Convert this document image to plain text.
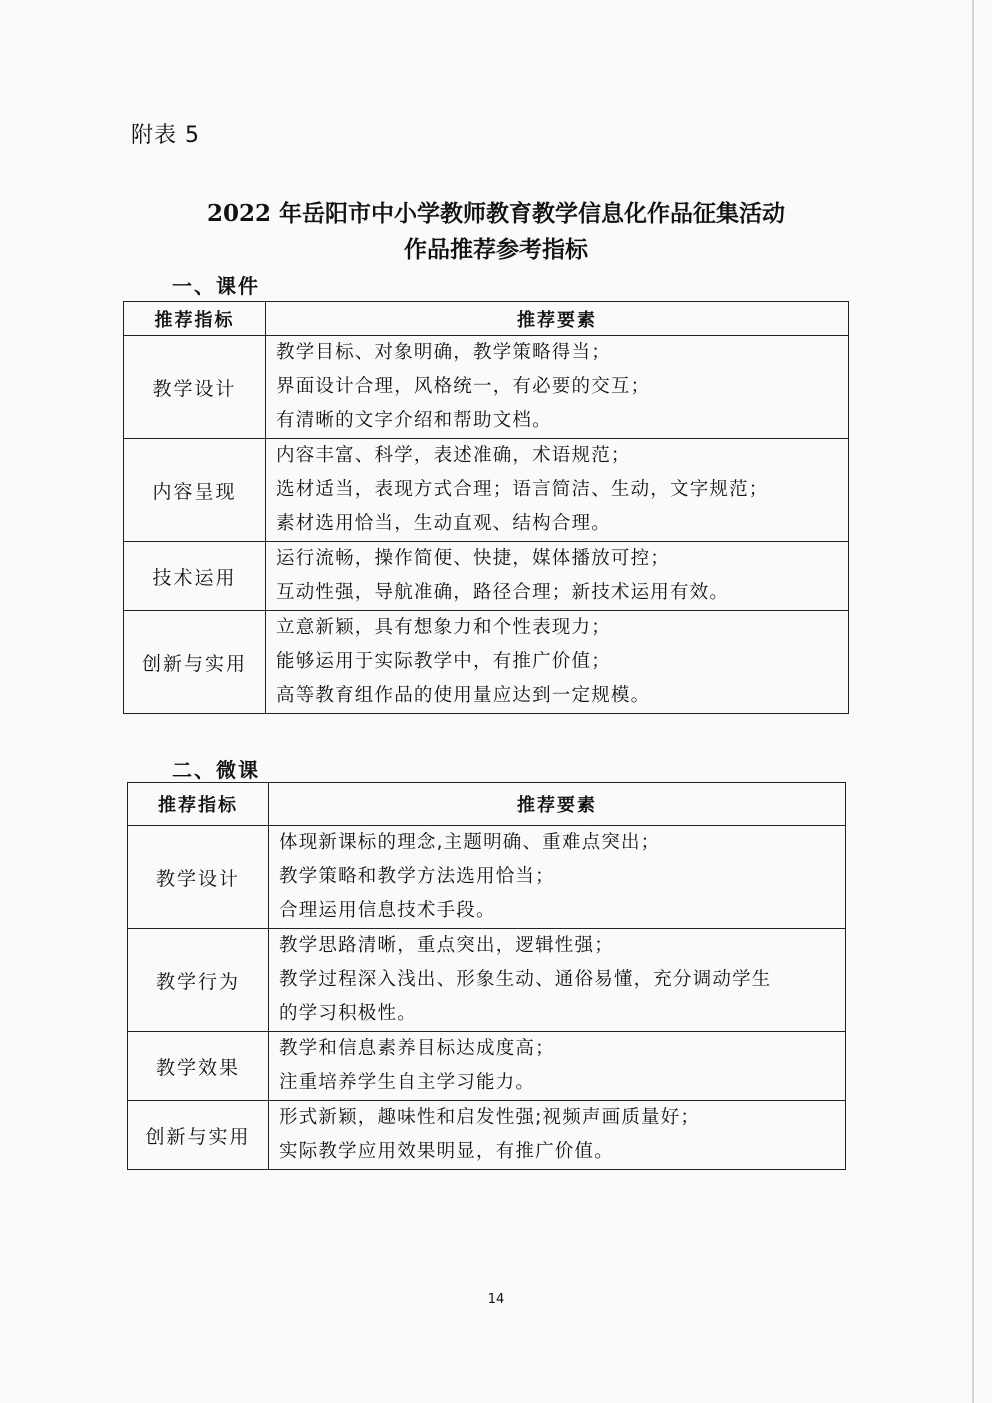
附表 5
2022 年岳阳市中小学教师教育教学信息化作品征集活动
作品推荐参考指标
一、课件
推荐指标	推荐要素
教学设计	教学目标、对象明确，教学策略得当；
界面设计合理，风格统一，有必要的交互；
有清晰的文字介绍和帮助文档。

内容呈现	内容丰富、科学，表述准确，术语规范；
选材适当，表现方式合理；语言简洁、生动，文字规范；
素材选用恰当，生动直观、结构合理。

技术运用	运行流畅，操作简便、快捷，媒体播放可控；
互动性强，导航准确，路径合理；新技术运用有效。

创新与实用	立意新颖，具有想象力和个性表现力；
能够运用于实际教学中，有推广价值；
高等教育组作品的使用量应达到一定规模。
二、微课
推荐指标	推荐要素
教学设计	体现新课标的理念,主题明确、重难点突出；
教学策略和教学方法选用恰当；
合理运用信息技术手段。

教学行为	教学思路清晰，重点突出，逻辑性强；
教学过程深入浅出、形象生动、通俗易懂，充分调动学生
的学习积极性。

教学效果	教学和信息素养目标达成度高；
注重培养学生自主学习能力。

创新与实用	形式新颖，趣味性和启发性强;视频声画质量好；
实际教学应用效果明显，有推广价值。
14
